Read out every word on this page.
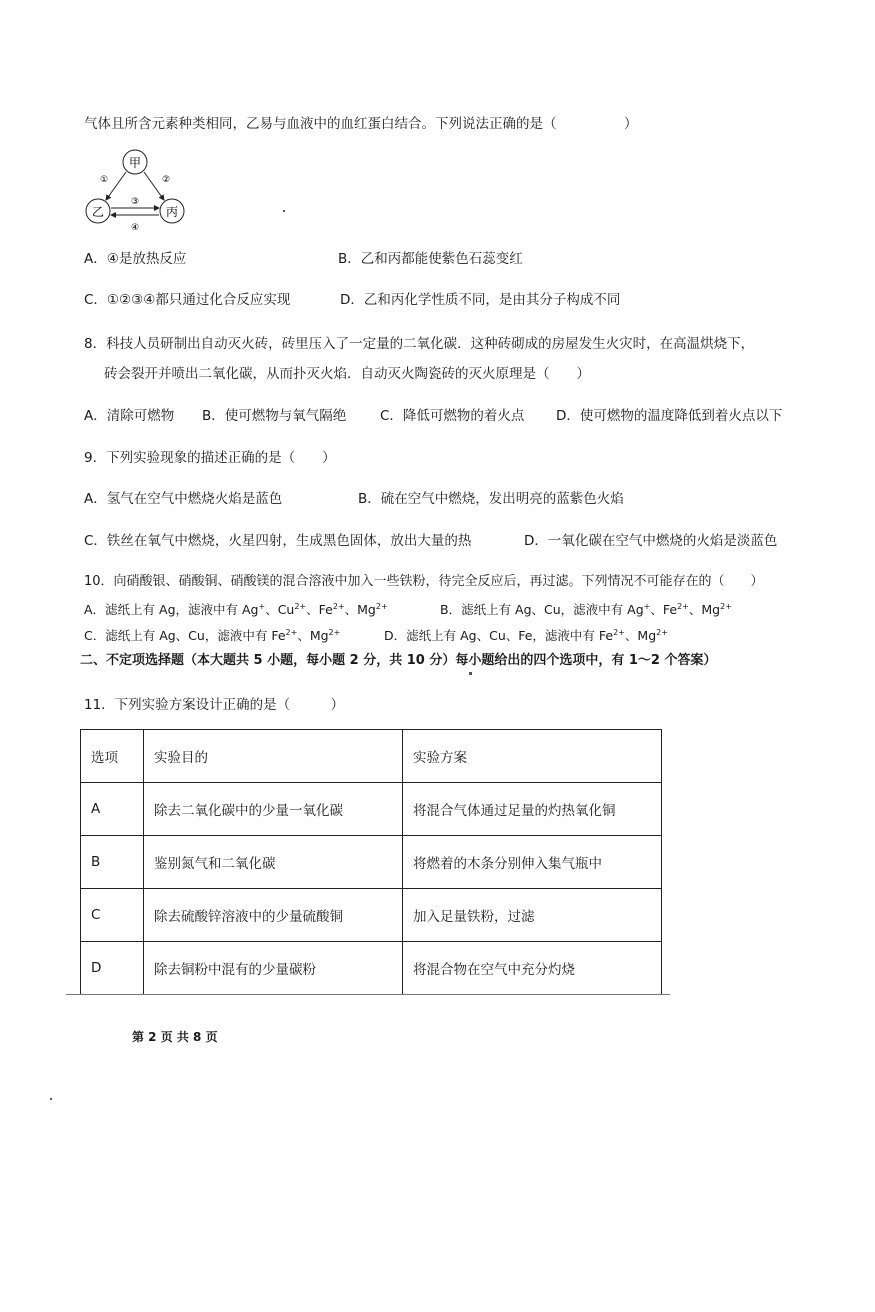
气体且所含元素种类相同，乙易与血液中的血红蛋白结合。下列说法正确的是（　　　　　）
甲
乙	丙
①	②
③
④
A．④是放热反应	B．乙和丙都能使紫色石蕊变红
C．①②③④都只通过化合反应实现	D．乙和丙化学性质不同，是由其分子构成不同
8．科技人员研制出自动灭火砖，砖里压入了一定量的二氧化碳．这种砖砌成的房屋发生火灾时，在高温烘烧下，
砖会裂开并喷出二氧化碳，从而扑灭火焰．自动灭火陶瓷砖的灭火原理是（　　）
A．清除可燃物 B．使可燃物与氧气隔绝 C．降低可燃物的着火点 D．使可燃物的温度降低到着火点以下
9．下列实验现象的描述正确的是（　　）
A．氢气在空气中燃烧火焰是蓝色	B．硫在空气中燃烧，发出明亮的蓝紫色火焰
C．铁丝在氧气中燃烧，火星四射，生成黑色固体，放出大量的热	D．一氧化碳在空气中燃烧的火焰是淡蓝色
10．向硝酸银、硝酸铜、硝酸镁的混合溶液中加入一些铁粉，待完全反应后，再过滤。下列情况不可能存在的（　　）
A．滤纸上有 Ag，滤液中有 Ag+、$Cu^{2+}$、$Fe^{2+}$、$Mg^{2+}$	B．滤纸上有 Ag、Cu，滤液中有 Ag+、$Fe^{2+}$、$Mg^{2+}$
C．滤纸上有 Ag、Cu，滤液中有 $Fe^{2+}$、$Mg^{2+}$	D．滤纸上有 Ag、Cu、Fe，滤液中有 $Fe^{2+}$、$Mg^{2+}$
二、不定项选择题（本大题共 5 小题，每小题 2 分，共 10 分）每小题给出的四个选项中，有 1～2 个答案）
11．下列实验方案设计正确的是（　　　）
选项	实验目的	实验方案
A	除去二氧化碳中的少量一氧化碳	将混合气体通过足量的灼热氧化铜
B	鉴别氮气和二氧化碳	将燃着的木条分别伸入集气瓶中
C	除去硫酸锌溶液中的少量硫酸铜	加入足量铁粉，过滤
D	除去铜粉中混有的少量碳粉	将混合物在空气中充分灼烧
第 2 页 共 8 页
